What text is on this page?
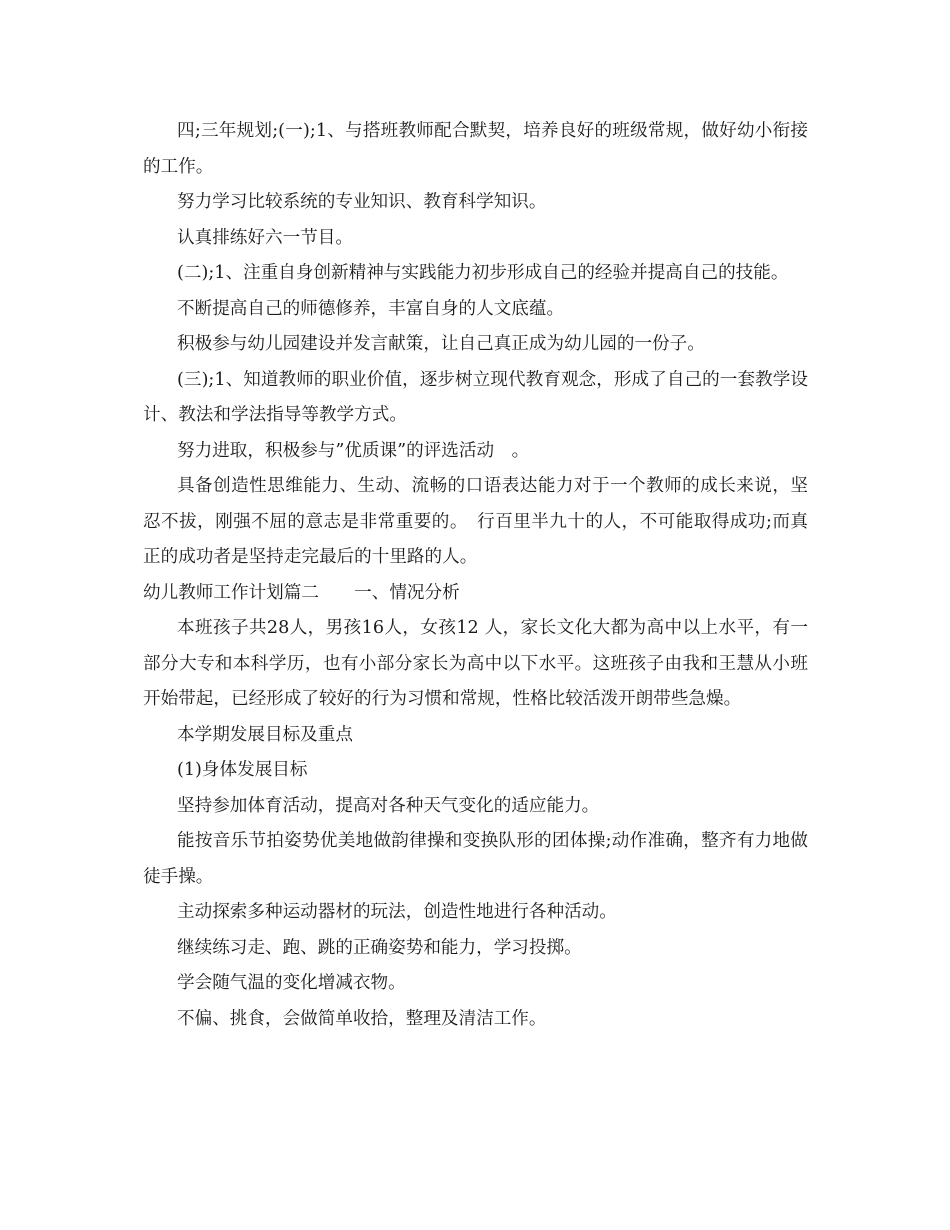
四;三年规划;(一);1、与搭班教师配合默契，培养良好的班级常规，做好幼小衔接的工作。

努力学习比较系统的专业知识、教育科学知识。

认真排练好六一节目。

(二);1、注重自身创新精神与实践能力初步形成自己的经验并提高自己的技能。

不断提高自己的师德修养，丰富自身的人文底蕴。

积极参与幼儿园建设并发言献策，让自己真正成为幼儿园的一份子。

(三);1、知道教师的职业价值，逐步树立现代教育观念，形成了自己的一套教学设计、教法和学法指导等教学方式。

努力进取，积极参与”优质课”的评选活动　。

具备创造性思维能力、生动、流畅的口语表达能力对于一个教师的成长来说，坚忍不拔，刚强不屈的意志是非常重要的。　行百里半九十的人，不可能取得成功;而真正的成功者是坚持走完最后的十里路的人。

幼儿教师工作计划篇二　　一、情况分析

本班孩子共28人，男孩16人，女孩12 人，家长文化大都为高中以上水平，有一部分大专和本科学历，也有小部分家长为高中以下水平。这班孩子由我和王慧从小班开始带起，已经形成了较好的行为习惯和常规，性格比较活泼开朗带些急燥。

本学期发展目标及重点

(1)身体发展目标

坚持参加体育活动，提高对各种天气变化的适应能力。

能按音乐节拍姿势优美地做韵律操和变换队形的团体操;动作准确，整齐有力地做徒手操。

主动探索多种运动器材的玩法，创造性地进行各种活动。

继续练习走、跑、跳的正确姿势和能力，学习投掷。

学会随气温的变化增减衣物。

不偏、挑食，会做简单收拾，整理及清洁工作。
